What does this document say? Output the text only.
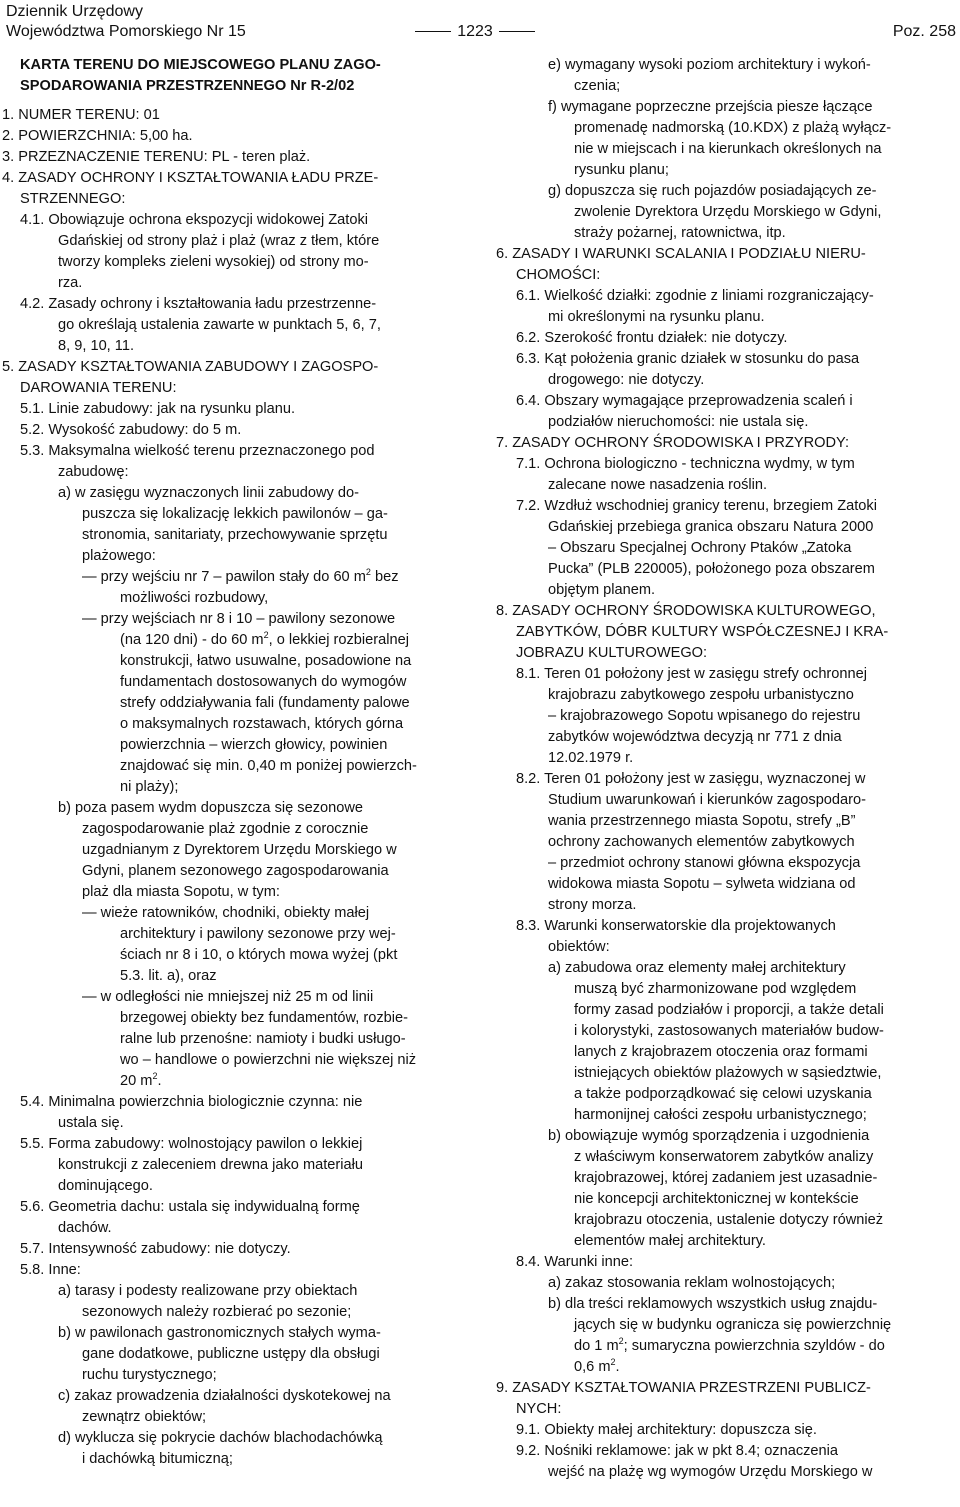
Dziennik Urzędowy
Województwa Pomorskiego Nr 15	1223	Poz. 258
KARTA TERENU DO MIEJSCOWEGO PLANU ZAGO-
SPODAROWANIA PRZESTRZENNEGO Nr R-2/02
1. NUMER TERENU: 01
2. POWIERZCHNIA: 5,00 ha.
3. PRZEZNACZENIE TERENU: PL - teren plaż.
4. ZASADY OCHRONY I KSZTAŁTOWANIA ŁADU PRZE-
STRZENNEGO:
4.1. Obowiązuje ochrona ekspozycji widokowej Zatoki
Gdańskiej od strony plaż i plaż (wraz z tłem, które
tworzy kompleks zieleni wysokiej) od strony mo-
rza.
4.2. Zasady ochrony i kształtowania ładu przestrzenne-
go określają ustalenia zawarte w punktach 5, 6, 7,
8, 9, 10, 11.
5. ZASADY KSZTAŁTOWANIA ZABUDOWY I ZAGOSPO-
DAROWANIA TERENU:
5.1. Linie zabudowy: jak na rysunku planu.
5.2. Wysokość zabudowy: do 5 m.
5.3. Maksymalna wielkość terenu przeznaczonego pod
zabudowę:
a) w zasięgu wyznaczonych linii zabudowy do-
puszcza się lokalizację lekkich pawilonów – ga-
stronomia, sanitariaty, przechowywanie sprzętu
plażowego:
— przy wejściu nr 7 – pawilon stały do 60 $m^2$ bez
możliwości rozbudowy,
— przy wejściach nr 8 i 10 – pawilony sezonowe
(na 120 dni) - do 60 $m^2$, o lekkiej rozbieralnej
konstrukcji, łatwo usuwalne, posadowione na
fundamentach dostosowanych do wymogów
strefy oddziaływania fali (fundamenty palowe
o maksymalnych rozstawach, których górna
powierzchnia – wierzch głowicy, powinien
znajdować się min. 0,40 m poniżej powierzch-
ni plaży);
b) poza pasem wydm dopuszcza się sezonowe
zagospodarowanie plaż zgodnie z corocznie
uzgadnianym z Dyrektorem Urzędu Morskiego w
Gdyni, planem sezonowego zagospodarowania
plaż dla miasta Sopotu, w tym:
— wieże ratowników, chodniki, obiekty małej
architektury i pawilony sezonowe przy wej-
ściach nr 8 i 10, o których mowa wyżej (pkt
5.3. lit. a), oraz
— w odległości nie mniejszej niż 25 m od linii
brzegowej obiekty bez fundamentów, rozbie-
ralne lub przenośne: namioty i budki usługo-
wo – handlowe o powierzchni nie większej niż
20 $m^2$.
5.4. Minimalna powierzchnia biologicznie czynna: nie
ustala się.
5.5. Forma zabudowy: wolnostojący pawilon o lekkiej
konstrukcji z zaleceniem drewna jako materiału
dominującego.
5.6. Geometria dachu: ustala się indywidualną formę
dachów.
5.7. Intensywność zabudowy: nie dotyczy.
5.8. Inne:
a) tarasy i podesty realizowane przy obiektach
sezonowych należy rozbierać po sezonie;
b) w pawilonach gastronomicznych stałych wyma-
gane dodatkowe, publiczne ustępy dla obsługi
ruchu turystycznego;
c) zakaz prowadzenia działalności dyskotekowej na
zewnątrz obiektów;
d) wyklucza się pokrycie dachów blachodachówką
i dachówką bitumiczną;
e) wymagany wysoki poziom architektury i wykoń-
czenia;
f) wymagane poprzeczne przejścia piesze łączące
promenadę nadmorską (10.KDX) z plażą wyłącz-
nie w miejscach i na kierunkach określonych na
rysunku planu;
g) dopuszcza się ruch pojazdów posiadających ze-
zwolenie Dyrektora Urzędu Morskiego w Gdyni,
straży pożarnej, ratownictwa, itp.
6. ZASADY I WARUNKI SCALANIA I PODZIAŁU NIERU-
CHOMOŚCI:
6.1. Wielkość działki: zgodnie z liniami rozgraniczający-
mi określonymi na rysunku planu.
6.2. Szerokość frontu działek: nie dotyczy.
6.3. Kąt położenia granic działek w stosunku do pasa
drogowego: nie dotyczy.
6.4. Obszary wymagające przeprowadzenia scaleń i
podziałów nieruchomości: nie ustala się.
7. ZASADY OCHRONY ŚRODOWISKA I PRZYRODY:
7.1. Ochrona biologiczno - techniczna wydmy, w tym
zalecane nowe nasadzenia roślin.
7.2. Wzdłuż wschodniej granicy terenu, brzegiem Zatoki
Gdańskiej przebiega granica obszaru Natura 2000
– Obszaru Specjalnej Ochrony Ptaków „Zatoka
Pucka” (PLB 220005), położonego poza obszarem
objętym planem.
8. ZASADY OCHRONY ŚRODOWISKA KULTUROWEGO,
ZABYTKÓW, DÓBR KULTURY WSPÓŁCZESNEJ I KRA-
JOBRAZU KULTUROWEGO:
8.1. Teren 01 położony jest w zasięgu strefy ochronnej
krajobrazu zabytkowego zespołu urbanistyczno
– krajobrazowego Sopotu wpisanego do rejestru
zabytków województwa decyzją nr 771 z dnia
12.02.1979 r.
8.2. Teren 01 położony jest w zasięgu, wyznaczonej w
Studium uwarunkowań i kierunków zagospodaro-
wania przestrzennego miasta Sopotu, strefy „B”
ochrony zachowanych elementów zabytkowych
– przedmiot ochrony stanowi główna ekspozycja
widokowa miasta Sopotu – sylweta widziana od
strony morza.
8.3. Warunki konserwatorskie dla projektowanych
obiektów:
a) zabudowa oraz elementy małej architektury
muszą być zharmonizowane pod względem
formy zasad podziałów i proporcji, a także detali
i kolorystyki, zastosowanych materiałów budow-
lanych z krajobrazem otoczenia oraz formami
istniejących obiektów plażowych w sąsiedztwie,
a także podporządkować się celowi uzyskania
harmonijnej całości zespołu urbanistycznego;
b) obowiązuje wymóg sporządzenia i uzgodnienia
z właściwym konserwatorem zabytków analizy
krajobrazowej, której zadaniem jest uzasadnie-
nie koncepcji architektonicznej w kontekście
krajobrazu otoczenia, ustalenie dotyczy również
elementów małej architektury.
8.4. Warunki inne:
a) zakaz stosowania reklam wolnostojących;
b) dla treści reklamowych wszystkich usług znajdu-
jących się w budynku ogranicza się powierzchnię
do 1 $m^2$; sumaryczna powierzchnia szyldów - do
0,6 $m^2$.
9. ZASADY KSZTAŁTOWANIA PRZESTRZENI PUBLICZ-
NYCH:
9.1. Obiekty małej architektury: dopuszcza się.
9.2. Nośniki reklamowe: jak w pkt 8.4; oznaczenia
wejść na plażę wg wymogów Urzędu Morskiego w
